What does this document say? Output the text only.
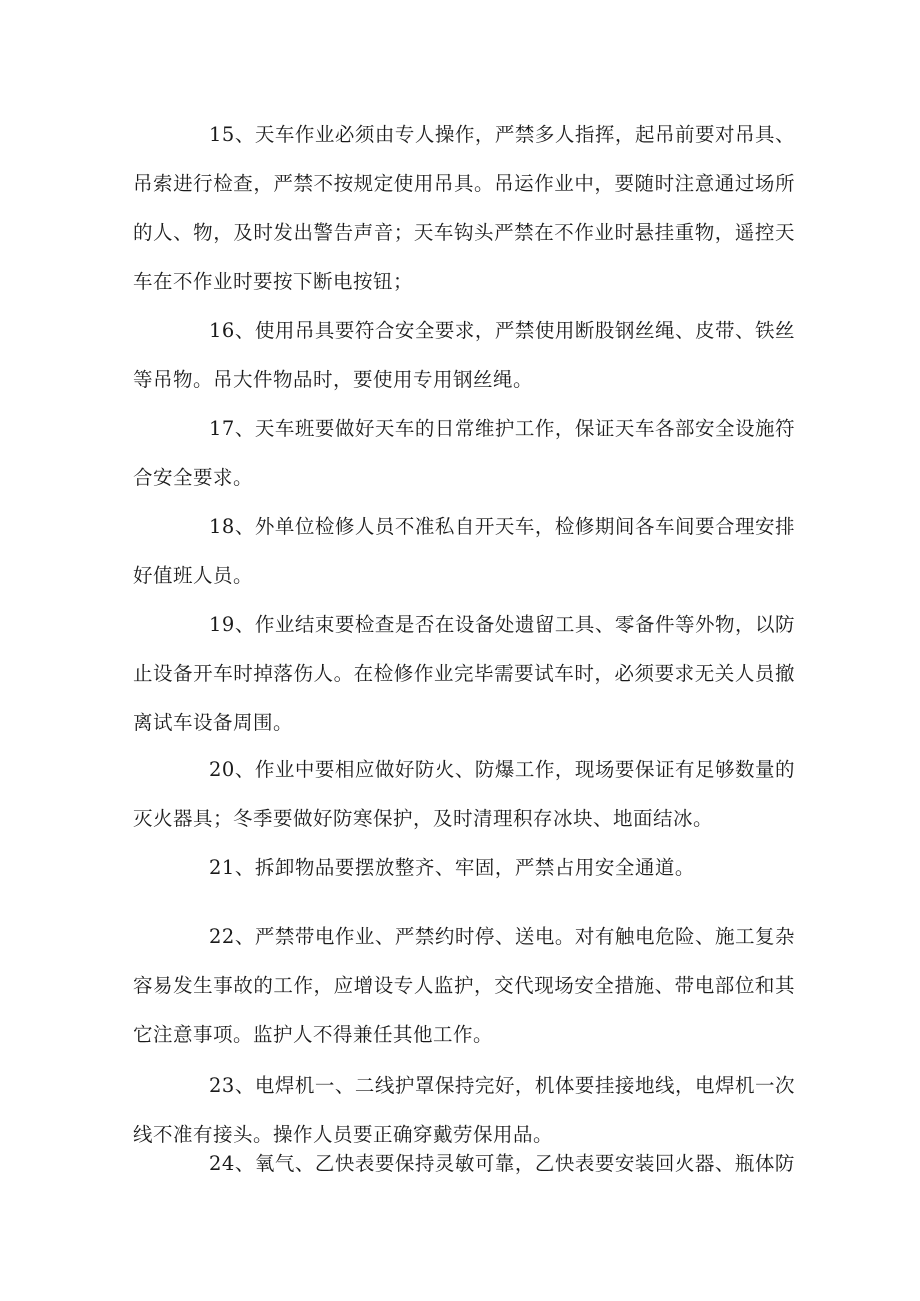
15、天车作业必须由专人操作，严禁多人指挥，起吊前要对吊具、吊索进行检查，严禁不按规定使用吊具。吊运作业中，要随时注意通过场所的人、物，及时发出警告声音；天车钩头严禁在不作业时悬挂重物，遥控天车在不作业时要按下断电按钮；

16、使用吊具要符合安全要求，严禁使用断股钢丝绳、皮带、铁丝等吊物。吊大件物品时，要使用专用钢丝绳。

17、天车班要做好天车的日常维护工作，保证天车各部安全设施符合安全要求。

18、外单位检修人员不准私自开天车，检修期间各车间要合理安排好值班人员。

19、作业结束要检查是否在设备处遗留工具、零备件等外物，以防止设备开车时掉落伤人。在检修作业完毕需要试车时，必须要求无关人员撤离试车设备周围。

20、作业中要相应做好防火、防爆工作，现场要保证有足够数量的灭火器具；冬季要做好防寒保护，及时清理积存冰块、地面结冰。

21、拆卸物品要摆放整齐、牢固，严禁占用安全通道。

22、严禁带电作业、严禁约时停、送电。对有触电危险、施工复杂容易发生事故的工作，应增设专人监护，交代现场安全措施、带电部位和其它注意事项。监护人不得兼任其他工作。

23、电焊机一、二线护罩保持完好，机体要挂接地线，电焊机一次线不准有接头。操作人员要正确穿戴劳保用品。

24、氧气、乙快表要保持灵敏可靠，乙快表要安装回火器、瓶体防
